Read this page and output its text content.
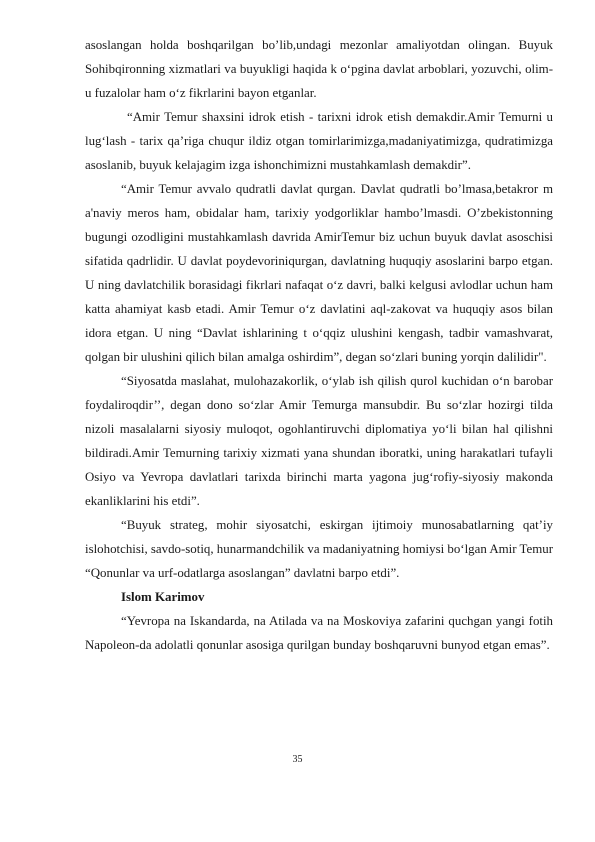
asoslangan holda boshqarilgan bo’lib,undagi mezonlar amaliyotdan olingan. Buyuk Sohibqironning xizmatlari va buyukligi haqida k o‘pgina davlat arboblari, yozuvchi, olim-u fuzalolar ham o‘z fikrlarini bayon etganlar.

“Amir Temur shaxsini idrok etish - tarixni idrok etish demakdir.Amir Temurni u lug‘lash - tarix qa’riga chuqur ildiz otgan tomirlarimizga,madaniyatimizga, qudratimizga asoslanib, buyuk kelajagim izga ishonchimizni mustahkamlash demakdir”.

“Amir Temur avvalo qudratli davlat qurgan. Davlat qudratli bo’lmasa,betakror m a'naviy meros ham, obidalar ham, tarixiy yodgorliklar hambo’lmasdi. O’zbekistonning bugungi ozodligini mustahkamlash davrida AmirTemur biz uchun buyuk davlat asoschisi sifatida qadrlidir. U davlat poydevoriniqurgan, davlatning huquqiy asoslarini barpo etgan. U ning davlatchilik borasidagi fikrlari nafaqat o‘z davri, balki kelgusi avlodlar uchun ham katta ahamiyat kasb etadi. Amir Temur o‘z davlatini aql-zakovat va huquqiy asos bilan idora etgan. U ning “Davlat ishlarining t o‘qqiz ulushini kengash, tadbir vamashvarat, qolgan bir ulushini qilich bilan amalga oshirdim”, degan so‘zlari buning yorqin dalilidir".

“Siyosatda maslahat, mulohazakorlik, o‘ylab ish qilish qurol kuchidan o‘n barobar foydaliroqdir’’, degan dono so‘zlar Amir Temurga mansubdir. Bu so‘zlar hozirgi tilda nizoli masalalarni siyosiy muloqot, ogohlantiruvchi diplomatiya yo‘li bilan hal qilishni bildiradi.Amir Temurning tarixiy xizmati yana shundan iboratki, uning harakatlari tufayli Osiyo va Yevropa davlatlari tarixda birinchi marta yagona jug‘rofiy-siyosiy makonda ekanliklarini his etdi”.

“Buyuk strateg, mohir siyosatchi, eskirgan ijtimoiy munosabatlarning qat’iy islohotchisi, savdo-sotiq, hunarmandchilik va madaniyatning homiysi bo‘lgan Amir Temur “Qonunlar va urf-odatlarga asoslangan” davlatni barpo etdi”.

Islom Karimov

“Yevropa na Iskandarda, na Atilada va na Moskoviya zafarini quchgan yangi fotih Napoleon-da adolatli qonunlar asosiga qurilgan bunday boshqaruvni bunyod etgan emas”.

35
